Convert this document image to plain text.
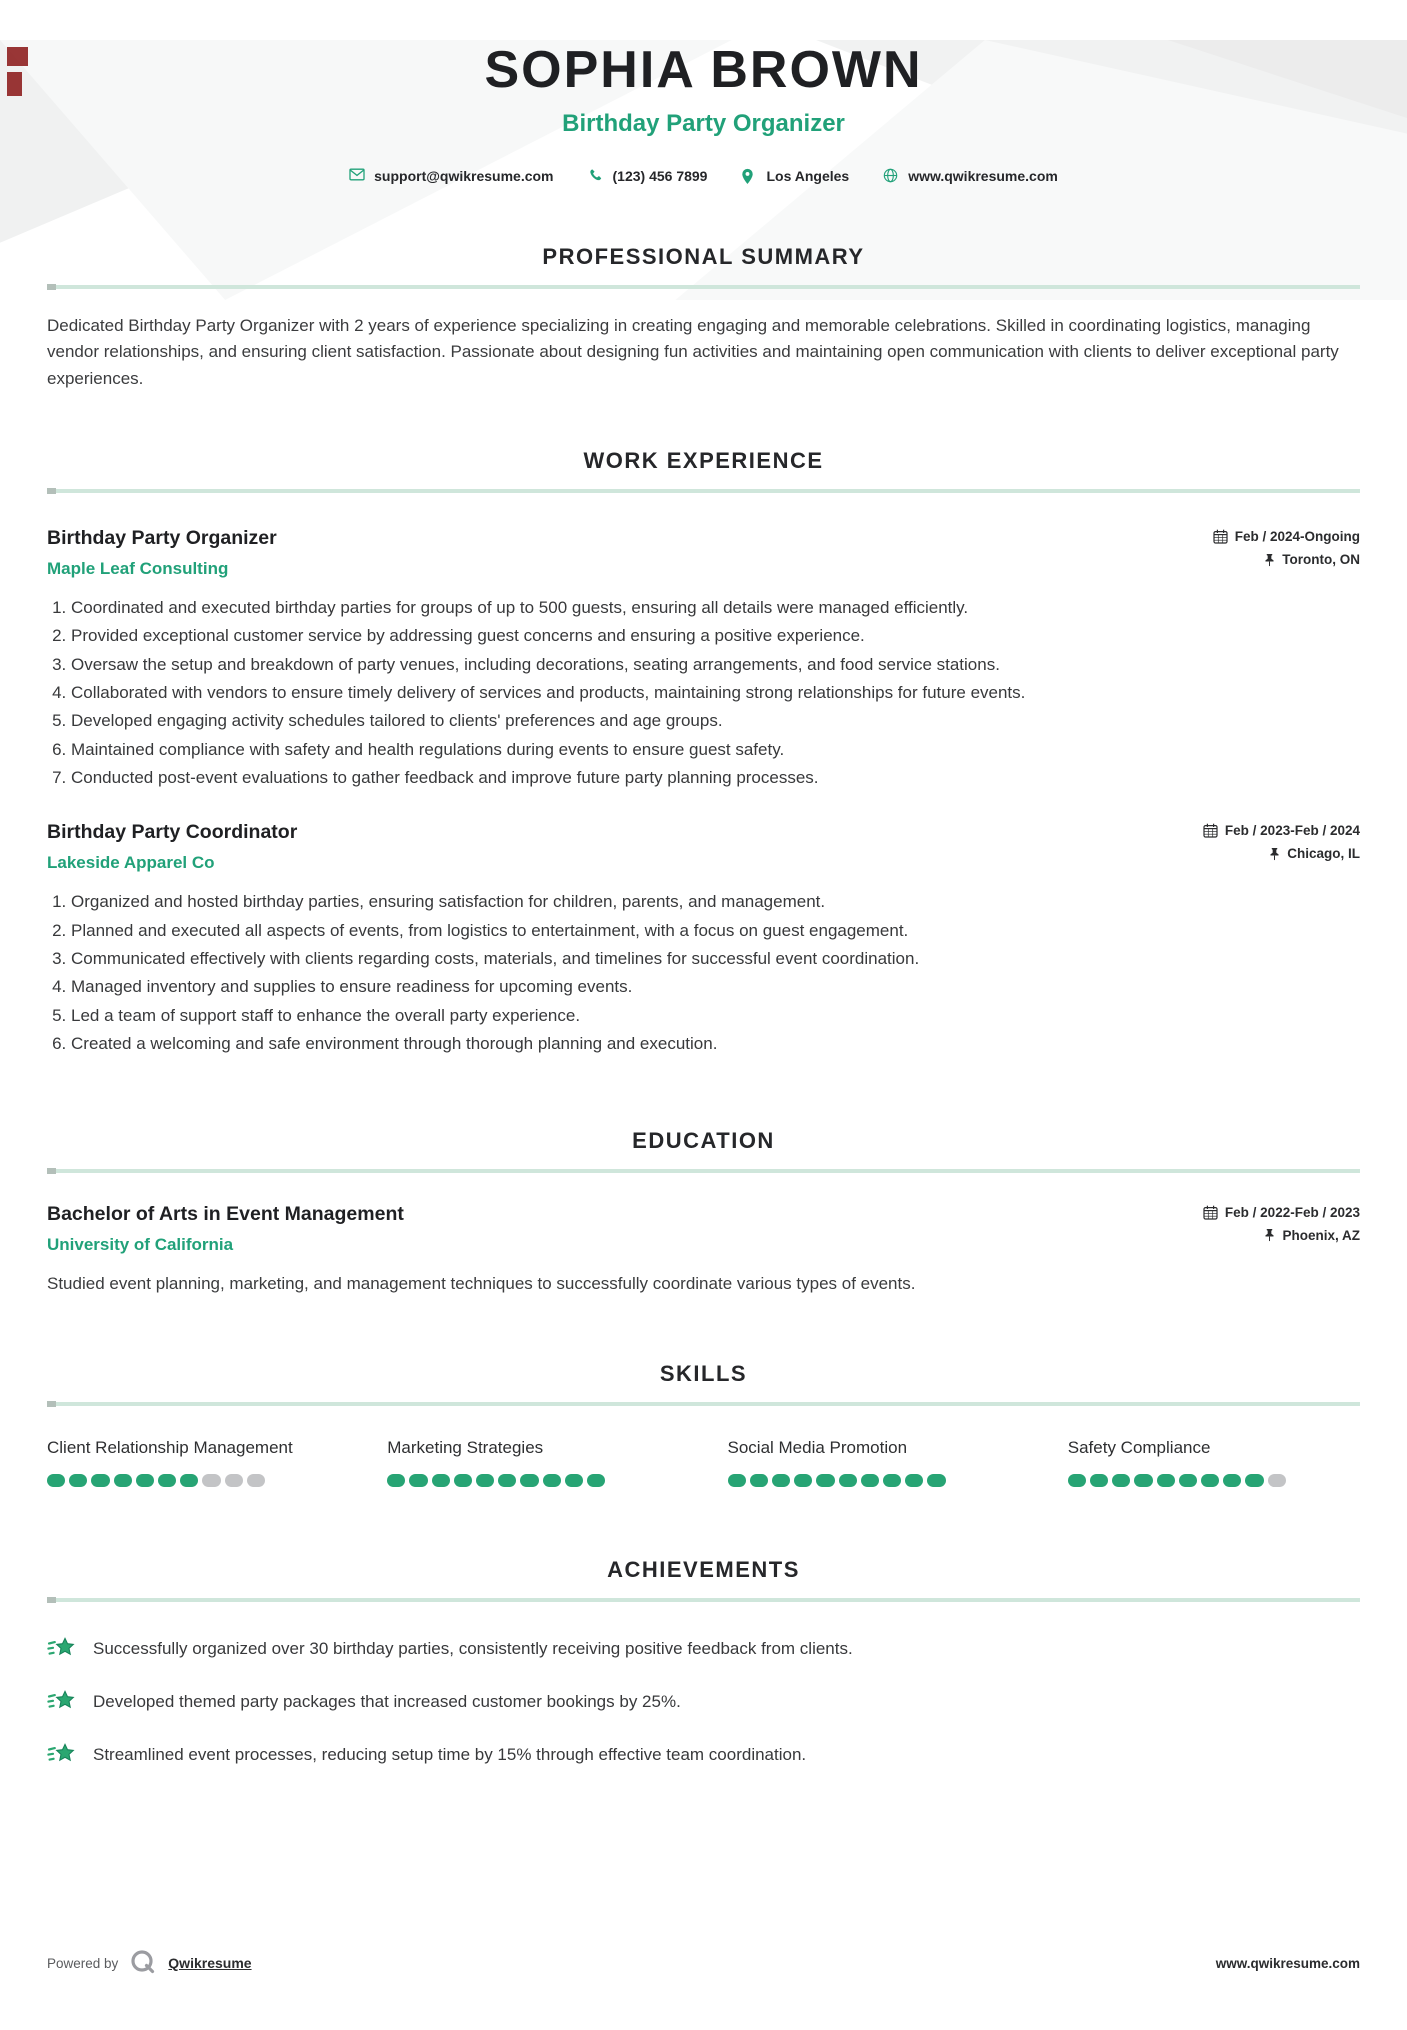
SOPHIA BROWN
Birthday Party Organizer
support@qwikresume.com	(123) 456 7899	Los Angeles	www.qwikresume.com
PROFESSIONAL SUMMARY

Dedicated Birthday Party Organizer with 2 years of experience specializing in creating engaging and memorable celebrations. Skilled in coordinating logistics, managing vendor relationships, and ensuring client satisfaction. Passionate about designing fun activities and maintaining open communication with clients to deliver exceptional party experiences.

WORK EXPERIENCE
Birthday Party Organizer
Maple Leaf Consulting
Feb / 2024-Ongoing
Toronto, ON
1. Coordinated and executed birthday parties for groups of up to 500 guests, ensuring all details were managed efficiently.
2. Provided exceptional customer service by addressing guest concerns and ensuring a positive experience.
3. Oversaw the setup and breakdown of party venues, including decorations, seating arrangements, and food service stations.
4. Collaborated with vendors to ensure timely delivery of services and products, maintaining strong relationships for future events.
5. Developed engaging activity schedules tailored to clients' preferences and age groups.
6. Maintained compliance with safety and health regulations during events to ensure guest safety.
7. Conducted post-event evaluations to gather feedback and improve future party planning processes.
Birthday Party Coordinator
Lakeside Apparel Co
Feb / 2023-Feb / 2024
Chicago, IL
1. Organized and hosted birthday parties, ensuring satisfaction for children, parents, and management.
2. Planned and executed all aspects of events, from logistics to entertainment, with a focus on guest engagement.
3. Communicated effectively with clients regarding costs, materials, and timelines for successful event coordination.
4. Managed inventory and supplies to ensure readiness for upcoming events.
5. Led a team of support staff to enhance the overall party experience.
6. Created a welcoming and safe environment through thorough planning and execution.
EDUCATION
Bachelor of Arts in Event Management
University of California
Feb / 2022-Feb / 2023
Phoenix, AZ

Studied event planning, marketing, and management techniques to successfully coordinate various types of events.

SKILLS
Client Relationship Management	Marketing Strategies	Social Media Promotion	Safety Compliance
ACHIEVEMENTS
Successfully organized over 30 birthday parties, consistently receiving positive feedback from clients.
Developed themed party packages that increased customer bookings by 25%.
Streamlined event processes, reducing setup time by 15% through effective team coordination.
Powered by	Qwikresume	www.qwikresume.com
